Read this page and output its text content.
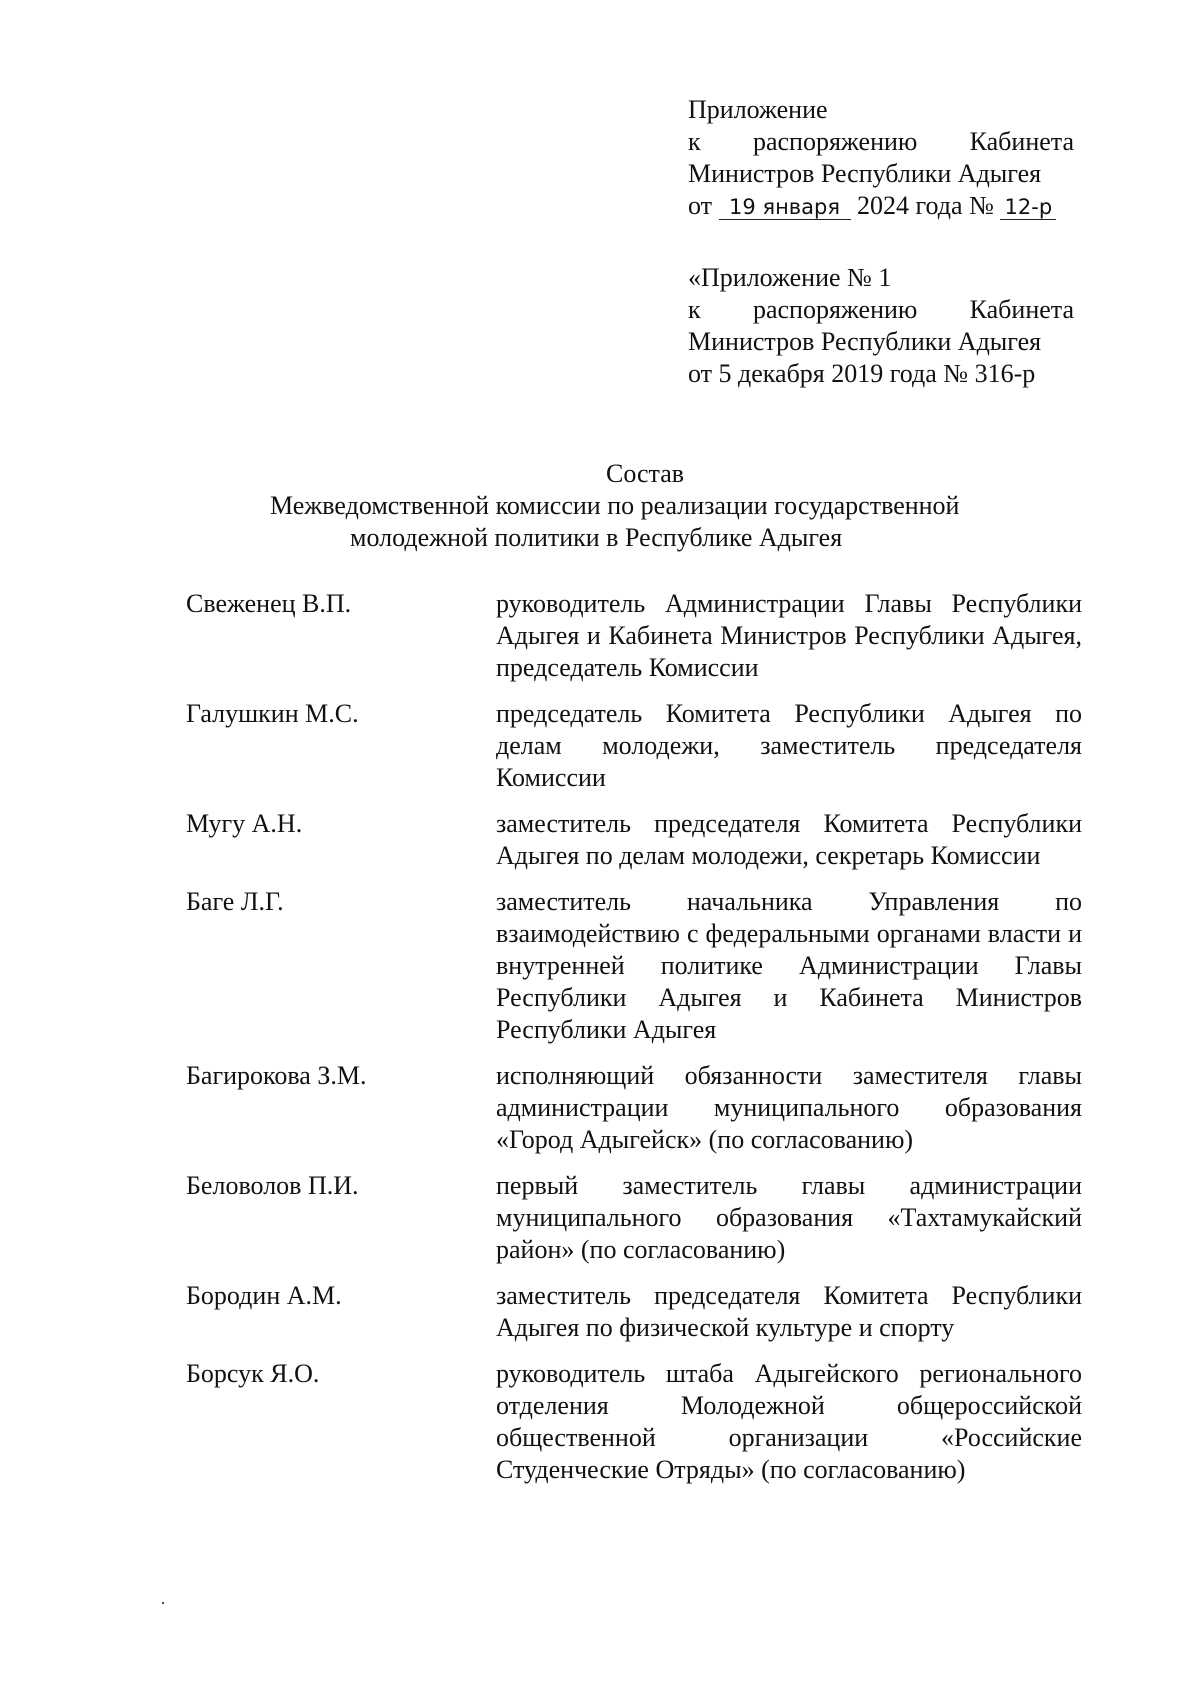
Приложение
к распоряжению Кабинета
Министров Республики Адыгея
от 19 января 2024 года № 12-р
«Приложение № 1
к распоряжению Кабинета
Министров Республики Адыгея
от 5 декабря 2019 года № 316-р
Состав
Межведомственной комиссии по реализации государственной
молодежной политики в Республике Адыгея
Свеженец В.П.	руководитель Администрации Главы Республики Адыгея и Кабинета Министров Республики Адыгея, председатель Комиссии
Галушкин М.С.	председатель Комитета Республики Адыгея по делам молодежи, заместитель председателя Комиссии
Мугу А.Н.	заместитель председателя Комитета Республики Адыгея по делам молодежи, секретарь Комиссии
Баге Л.Г.	заместитель начальника Управления по взаимодействию с федеральными органами власти и внутренней политике Администрации Главы Республики Адыгея и Кабинета Министров Республики Адыгея
Багирокова З.М.	исполняющий обязанности заместителя главы администрации муниципального образования «Город Адыгейск» (по согласованию)
Беловолов П.И.	первый заместитель главы администрации муниципального образования «Тахтамукайский район» (по согласованию)
Бородин А.М.	заместитель председателя Комитета Республики Адыгея по физической культуре и спорту
Борсук Я.О.	руководитель штаба Адыгейского регионального отделения Молодежной общероссийской общественной организации «Российские Студенческие Отряды» (по согласованию)
